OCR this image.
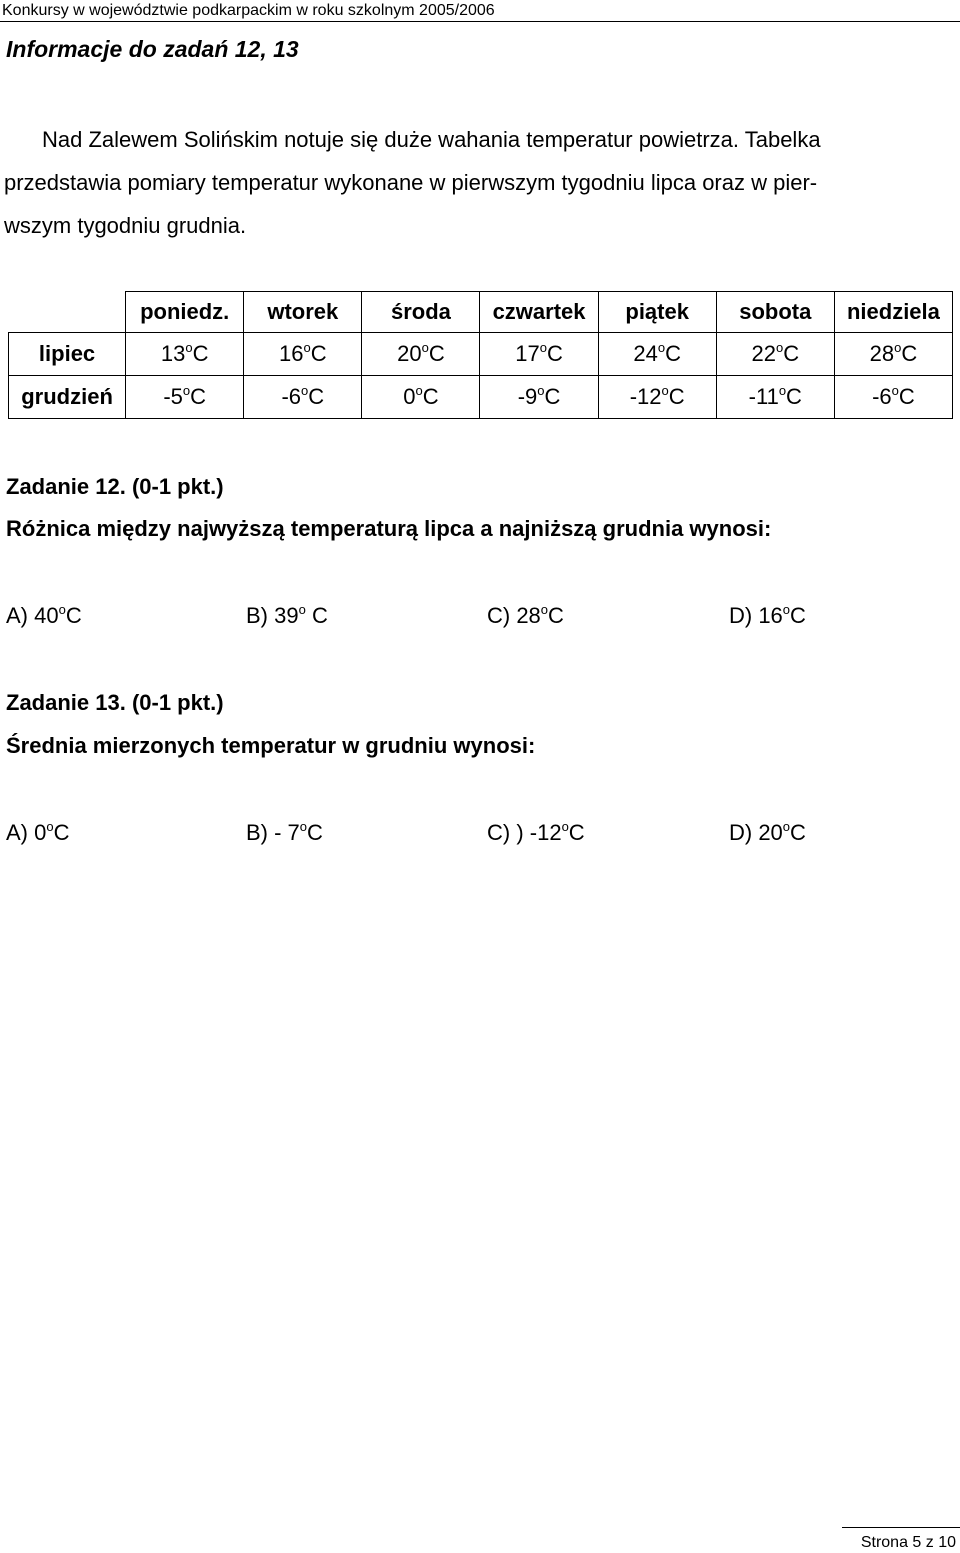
Konkursy w województwie podkarpackim w roku szkolnym 2005/2006
Informacje do zadań 12, 13
Nad Zalewem Solińskim notuje się duże wahania temperatur powietrza. Tabelka
przedstawia pomiary temperatur wykonane w pierwszym tygodniu lipca oraz w pier-
wszym tygodniu grudnia.
	poniedz.	wtorek	środa	czwartek	piątek	sobota	niedziela
lipiec	13$^o$C	16$^o$C	20$^o$C	17$^o$C	24$^o$C	22$^o$C	28$^o$C
grudzień	-5$^o$C	-6$^o$C	0$^o$C	-9$^o$C	-12$^o$C	-11$^o$C	-6$^o$C
Zadanie 12. (0-1 pkt.)
Różnica między najwyższą temperaturą lipca a najniższą grudnia wynosi:
A) 40$^o$C	B) 39$^o$ C	C) 28$^o$C	D) 16$^o$C
Zadanie 13. (0-1 pkt.)
Średnia mierzonych temperatur w grudniu wynosi:
A) 0$^o$C	B) - 7$^o$C	C) ) -12$^o$C	D) 20$^o$C
Strona 5 z 10
